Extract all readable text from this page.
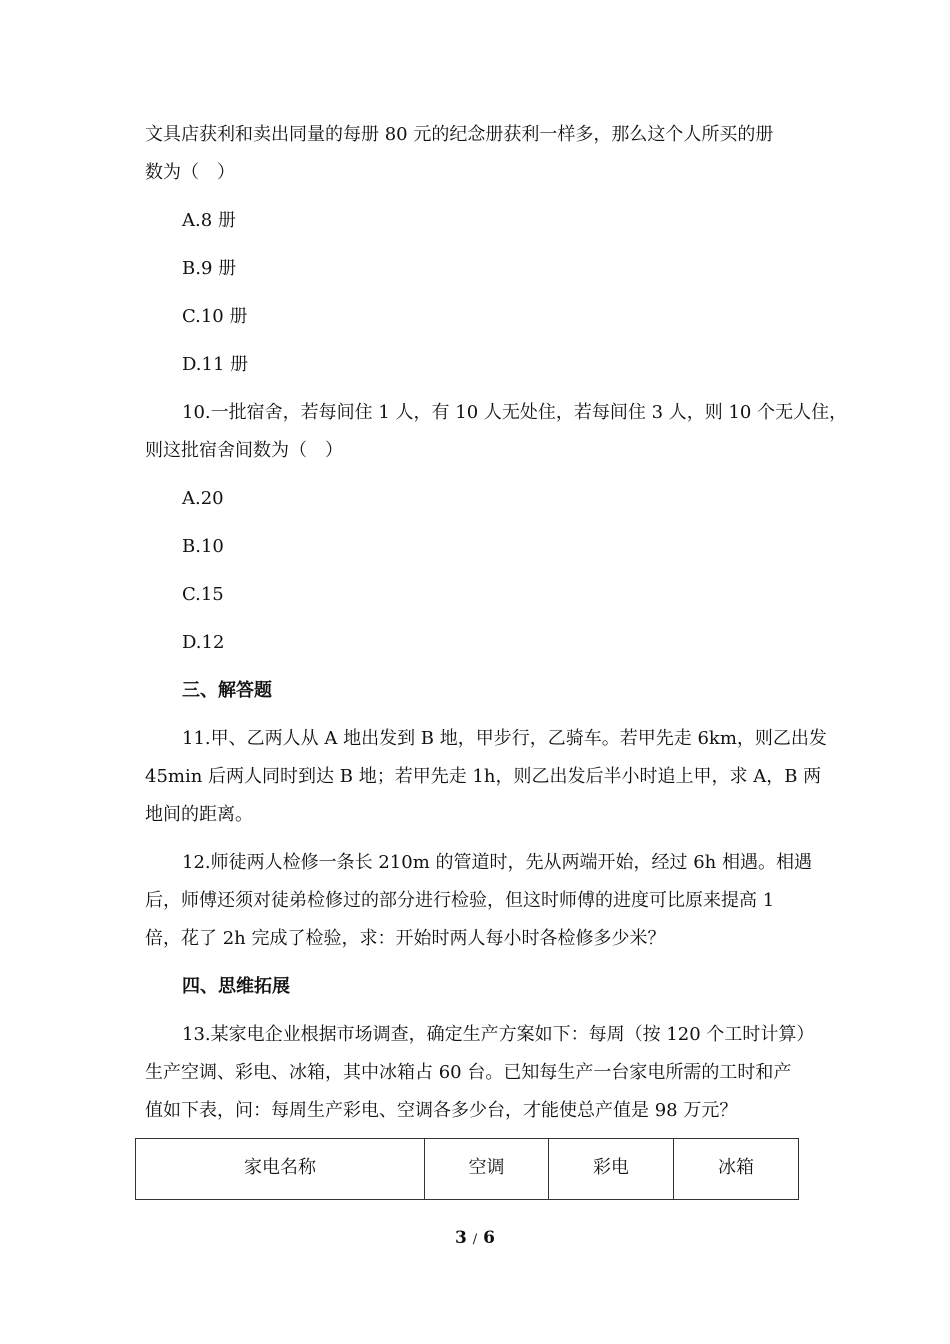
文具店获利和卖出同量的每册 80 元的纪念册获利一样多，那么这个人所买的册
数为（　）
A.8 册
B.9 册
C.10 册
D.11 册
10.一批宿舍，若每间住 1 人，有 10 人无处住，若每间住 3 人，则 10 个无人住，
则这批宿舍间数为（　）
A.20
B.10
C.15
D.12
三、解答题
11.甲、乙两人从 A 地出发到 B 地，甲步行，乙骑车。若甲先走 6km，则乙出发
45min 后两人同时到达 B 地；若甲先走 1h，则乙出发后半小时追上甲，求 A，B 两
地间的距离。
12.师徒两人检修一条长 210m 的管道时，先从两端开始，经过 6h 相遇。相遇
后，师傅还须对徒弟检修过的部分进行检验，但这时师傅的进度可比原来提高 1
倍，花了 2h 完成了检验，求：开始时两人每小时各检修多少米？
四、思维拓展
13.某家电企业根据市场调查，确定生产方案如下：每周（按 120 个工时计算）
生产空调、彩电、冰箱，其中冰箱占 60 台。已知每生产一台家电所需的工时和产
值如下表，问：每周生产彩电、空调各多少台，才能使总产值是 98 万元？
家电名称	空调	彩电	冰箱
3 / 6
